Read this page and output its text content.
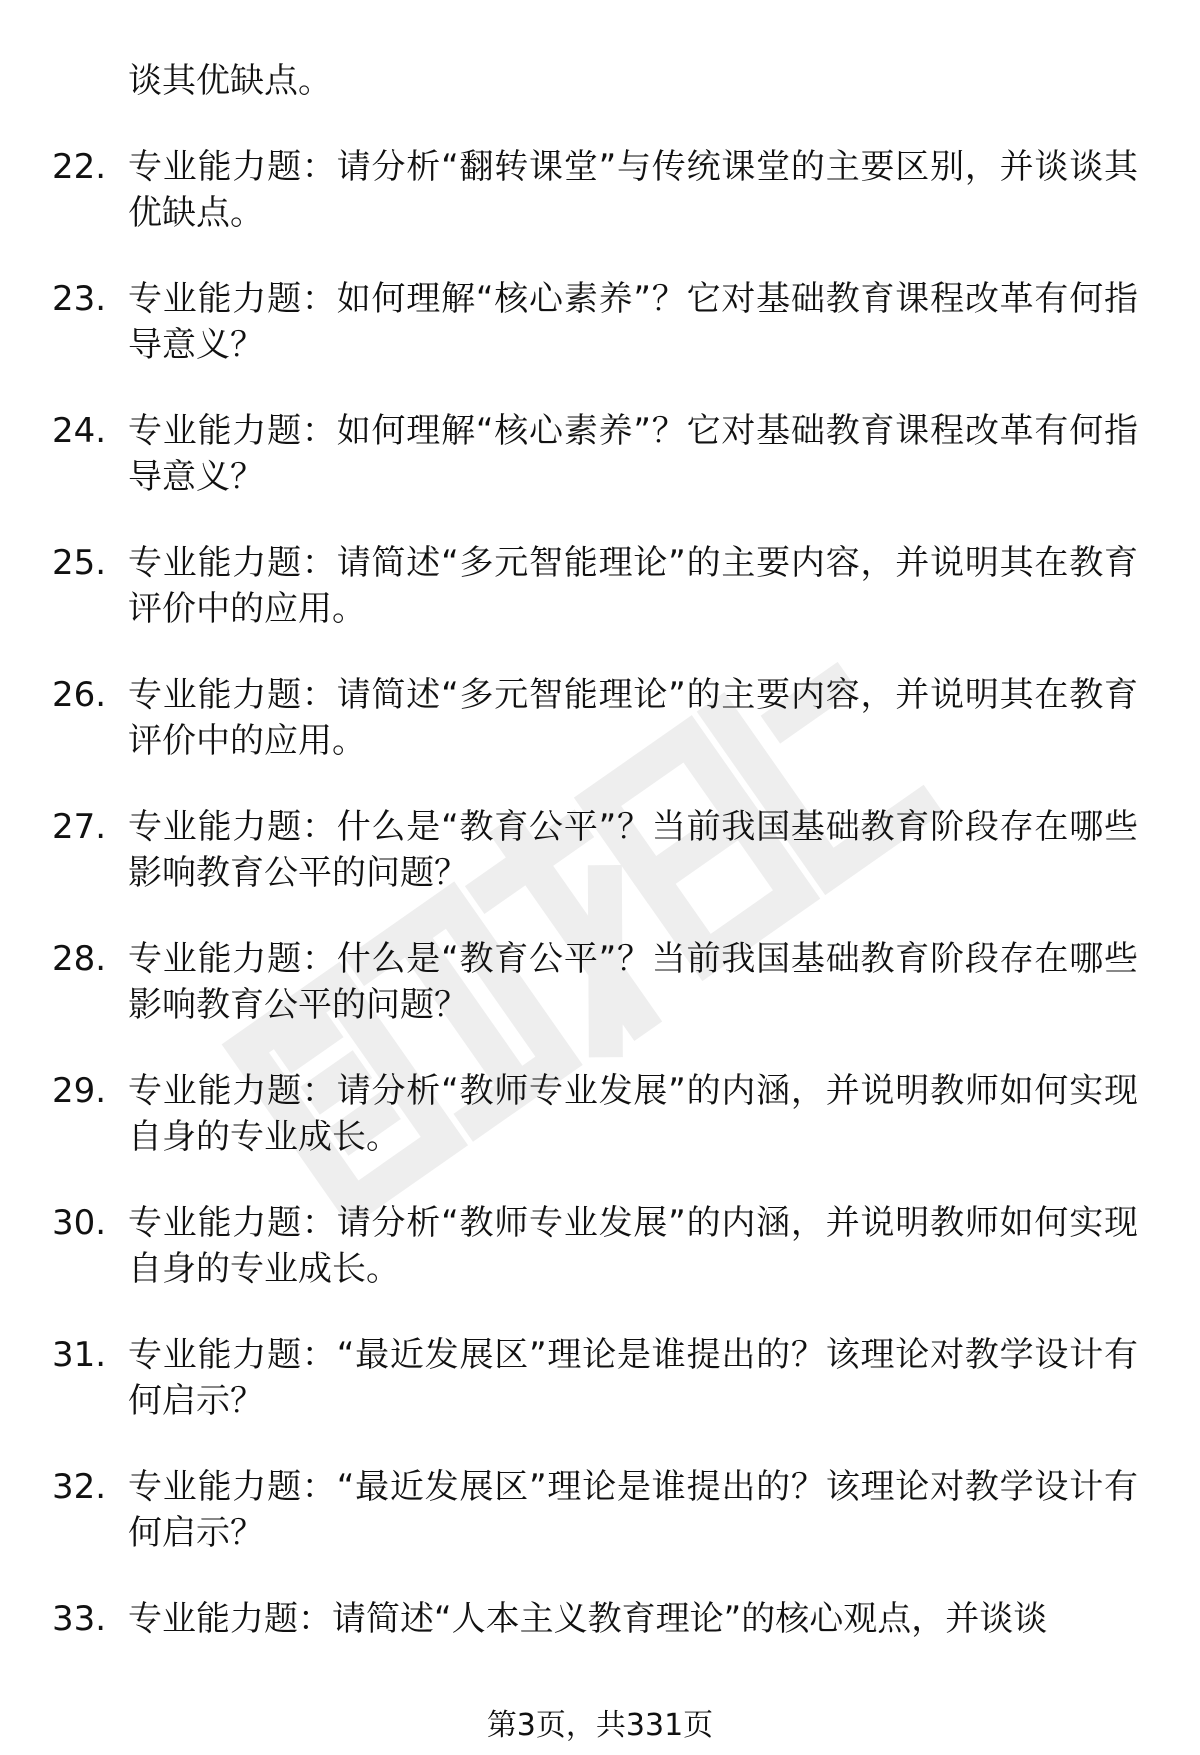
谈其优缺点。
22. 专业能力题：请分析“翻转课堂”与传统课堂的主要区别，并谈谈其优缺点。
23. 专业能力题：如何理解“核心素养”？它对基础教育课程改革有何指导意义？
24. 专业能力题：如何理解“核心素养”？它对基础教育课程改革有何指导意义？
25. 专业能力题：请简述“多元智能理论”的主要内容，并说明其在教育评价中的应用。
26. 专业能力题：请简述“多元智能理论”的主要内容，并说明其在教育评价中的应用。
27. 专业能力题：什么是“教育公平”？当前我国基础教育阶段存在哪些影响教育公平的问题？
28. 专业能力题：什么是“教育公平”？当前我国基础教育阶段存在哪些影响教育公平的问题？
29. 专业能力题：请分析“教师专业发展”的内涵，并说明教师如何实现自身的专业成长。
30. 专业能力题：请分析“教师专业发展”的内涵，并说明教师如何实现自身的专业成长。
31. 专业能力题：“最近发展区”理论是谁提出的？该理论对教学设计有何启示？
32. 专业能力题：“最近发展区”理论是谁提出的？该理论对教学设计有何启示？
33. 专业能力题：请简述“人本主义教育理论”的核心观点，并谈谈
第3页，共331页
